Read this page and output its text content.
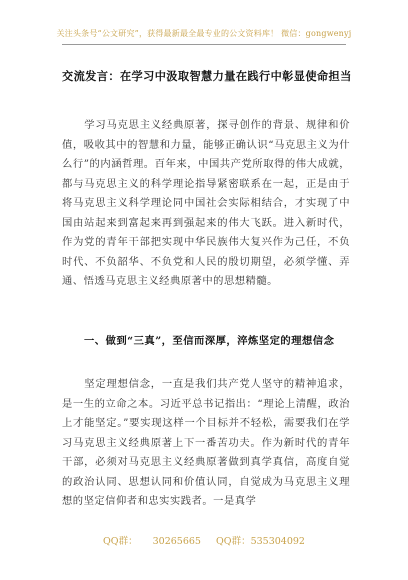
关注头条号“公文研究”，获得最新最全最专业的公文资料库！ 微信：gongwenyj
交流发言：在学习中汲取智慧力量在践行中彰显使命担当
学习马克思主义经典原著，探寻创作的背景、规律和价值，吸收其中的智慧和力量，能够正确认识“马克思主义为什么行”的内涵哲理。百年来，中国共产党所取得的伟大成就，都与马克思主义的科学理论指导紧密联系在一起，正是由于将马克思主义科学理论同中国社会实际相结合，才实现了中国由站起来到富起来再到强起来的伟大飞跃。进入新时代，作为党的青年干部把实现中华民族伟大复兴作为己任，不负时代、不负韶华、不负党和人民的殷切期望，必须学懂、弄通、悟透马克思主义经典原著中的思想精髓。
一、做到“三真”，至信而深厚，淬炼坚定的理想信念
坚定理想信念，一直是我们共产党人坚守的精神追求，是一生的立命之本。习近平总书记指出：“理论上清醒，政治上才能坚定。”要实现这样一个目标并不轻松，需要我们在学习马克思主义经典原著上下一番苦功夫。作为新时代的青年干部，必须对马克思主义经典原著做到真学真信，高度自觉的政治认同、思想认同和价值认同，自觉成为马克思主义理想的坚定信仰者和忠实实践者。一是真学
QQ群： 30265665 QQ群：535304092
